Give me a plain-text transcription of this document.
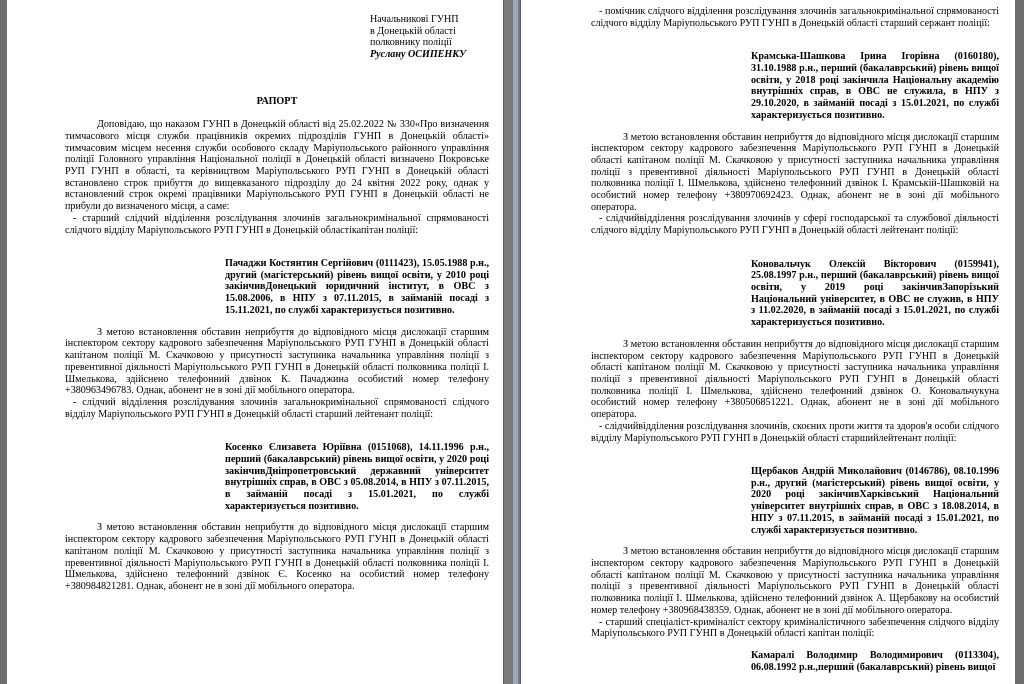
Начальникові ГУНП

в Донецькій області

полковнику поліції

Руслану ОСИПЕНКУ

РАПОРТ

Доповідаю, що наказом ГУНП в Донецькій області від 25.02.2022 № 330«Про визначення тимчасового місця служби працівників окремих підрозділів ГУНП в Донецькій області» тимчасовим місцем несення служби особового складу Маріупольського районного управління поліції Головного управління Національної поліції в Донецькій області визначено Покровське РУП ГУНП в області, та керівництвом Маріупольського РУП ГУНП в Донецькій області встановлено строк прибуття до вищевказаного підрозділу до 24 квітня 2022 року, однак у встановлений строк окремі працівники Маріупольського РУП ГУНП в Донецькій області не прибули до визначеного місця, а саме:

- старший слідчий відділення розслідування злочинів загальнокримінальної спрямованості слідчого відділу Маріупольського РУП ГУНП в Донецькій областікапітан поліції:

Пачаджи Костянтин Сергійович (0111423), 15.05.1988 р.н., другий (магістерський) рівень вищої освіти, у 2010 році закінчивДонецький юридичний інститут, в ОВС з 15.08.2006, в НПУ з 07.11.2015, в займаній посаді з 15.11.2021, по службі характеризується позитивно.

З метою встановлення обставин неприбуття до відповідного місця дислокації старшим інспектором сектору кадрового забезпечення Маріупольського РУП ГУНП в Донецькій області капітаном поліції М. Скачковою у присутності заступника начальника управління поліції з превентивної діяльності Маріупольського РУП ГУНП в Донецькій області полковника поліції І. Шмелькова, здійснено телефонний дзвінок К. Пачаджина особистий номер телефону +380963496783. Однак, абонент не в зоні дії мобільного оператора.

- слідчий відділення розслідування злочинів загальнокримінальної спрямованості слідчого відділу Маріупольського РУП ГУНП в Донецькій області старший лейтенант поліції:

Косенко Єлизавета Юріївна (0151068), 14.11.1996 р.н., перший (бакалаврський) рівень вищої освіти, у 2020 році закінчивДніпропетровський державний університет внутрішніх справ, в ОВС з 05.08.2014, в НПУ з 07.11.2015, в займаній посаді з 15.01.2021, по службі характеризується позитивно.

З метою встановлення обставин неприбуття до відповідного місця дислокації старшим інспектором сектору кадрового забезпечення Маріупольського РУП ГУНП в Донецькій області капітаном поліції М. Скачковою у присутності заступника начальника управління поліції з превентивної діяльності Маріупольського РУП ГУНП в Донецькій області полковника поліції І. Шмелькова, здійснено телефонний дзвінок Є. Косенко на особистий номер телефону +380984821281. Однак, абонент не в зоні дії мобільного оператора.

- помічник слідчого відділення розслідування злочинів загальнокримінальної спрямованості слідчого відділу Маріупольського РУП ГУНП в Донецькій області старший сержант поліції:

Крамська-Шашкова Ірина Ігорівна (0160180), 31.10.1988 р.н., перший (бакалаврський) рівень вищої освіти, у 2018 році закінчила Національну академію внутрішніх справ, в ОВС не служила, в НПУ з 29.10.2020, в займаній посаді з 15.01.2021, по службі характеризується позитивно.

З метою встановлення обставин неприбуття до відповідного місця дислокації старшим інспектором сектору кадрового забезпечення Маріупольського РУП ГУНП в Донецькій області капітаном поліції М. Скачковою у присутності заступника начальника управління поліції з превентивної діяльності Маріупольського РУП ГУНП в Донецькій області полковника поліції І. Шмелькова, здійснено телефонний дзвінок І. Крамській-Шашковій на особистий номер телефону +380970692423. Однак, абонент не в зоні дії мобільного оператора.

- слідчийвідділення розслідування злочинів у сфері господарської та службової діяльності слідчого відділу Маріупольського РУП ГУНП в Донецькій області лейтенант поліції:

Коновальчук Олексій Вікторович (0159941), 25.08.1997 р.н., перший (бакалаврський) рівень вищої освіти, у 2019 році закінчивЗапорізький Національний університет, в ОВС не служив, в НПУ з 11.02.2020, в займаній посаді з 15.01.2021, по службі характеризується позитивно.

З метою встановлення обставин неприбуття до відповідного місця дислокації старшим інспектором сектору кадрового забезпечення Маріупольського РУП ГУНП в Донецькій області капітаном поліції М. Скачковою у присутності заступника начальника управління поліції з превентивної діяльності Маріупольського РУП ГУНП в Донецькій області полковника поліції І. Шмелькова, здійснено телефонний дзвінок О. Коновальчукуна особистий номер телефону +380506851221. Однак, абонент не в зоні дії мобільного оператора.

- слідчийвідділення розслідування злочинів, скоєних проти життя та здоров'я особи слідчого відділу Маріупольського РУП ГУНП в Донецькій області старшийлейтенант поліції:

Щербаков Андрій Миколайович (0146786), 08.10.1996 р.н., другий (магістерський) рівень вищої освіти, у 2020 році закінчивХарківський Національний університет внутрішніх справ, в ОВС з 18.08.2014, в НПУ з 07.11.2015, в займаній посаді з 15.01.2021, по службі характеризується позитивно.

З метою встановлення обставин неприбуття до відповідного місця дислокації старшим інспектором сектору кадрового забезпечення Маріупольського РУП ГУНП в Донецькій області капітаном поліції М. Скачковою у присутності заступника начальника управління поліції з превентивної діяльності Маріупольського РУП ГУНП в Донецькій області полковника поліції І. Шмелькова, здійснено телефонний дзвінок А. Щербакову на особистий номер телефону +380968438359. Однак, абонент не в зоні дії мобільного оператора.

- старший спеціаліст-криміналіст сектору криміналістичного забезпечення слідчого відділу Маріупольського РУП ГУНП в Донецькій області капітан поліції:

Камаралі Володимир Володимирович (0113304), 06.08.1992 р.н.,перший (бакалаврський) рівень вищої
